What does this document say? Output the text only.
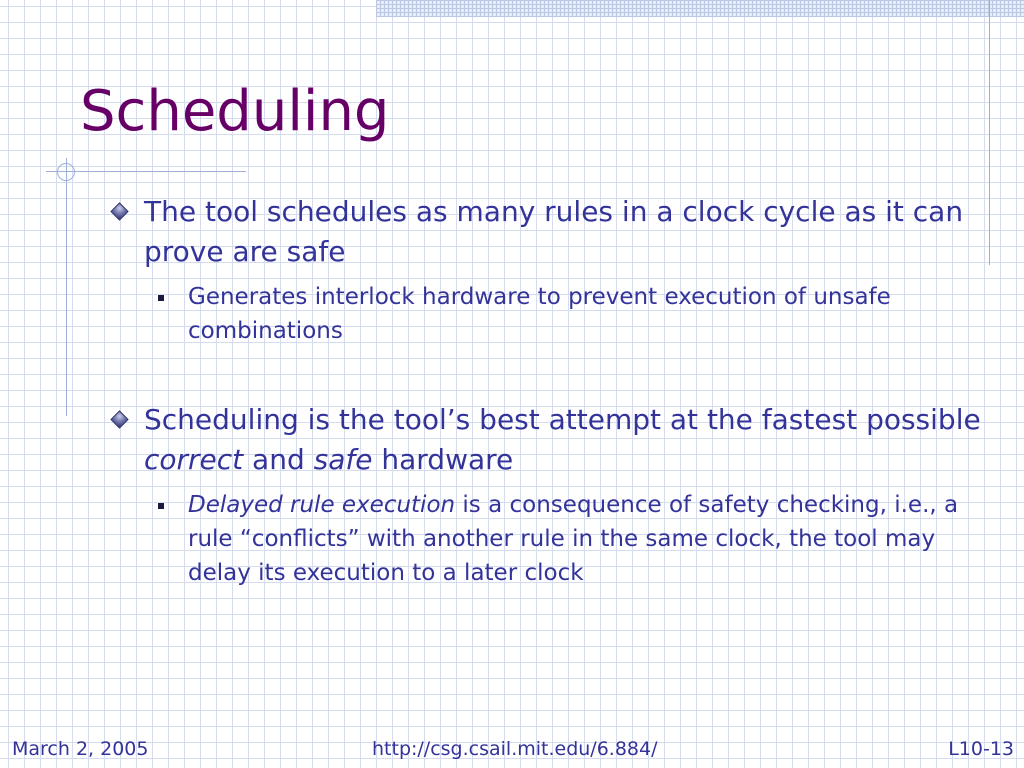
Scheduling
The tool schedules as many rules in a clock cycle as it can prove are safe
Generates interlock hardware to prevent execution of unsafe combinations
Scheduling is the tool’s best attempt at the fastest possible correct and safe hardware
Delayed rule execution is a consequence of safety checking, i.e., a rule “conflicts” with another rule in the same clock, the tool may delay its execution to a later clock
March 2, 2005	http://csg.csail.mit.edu/6.884/	L10-13
